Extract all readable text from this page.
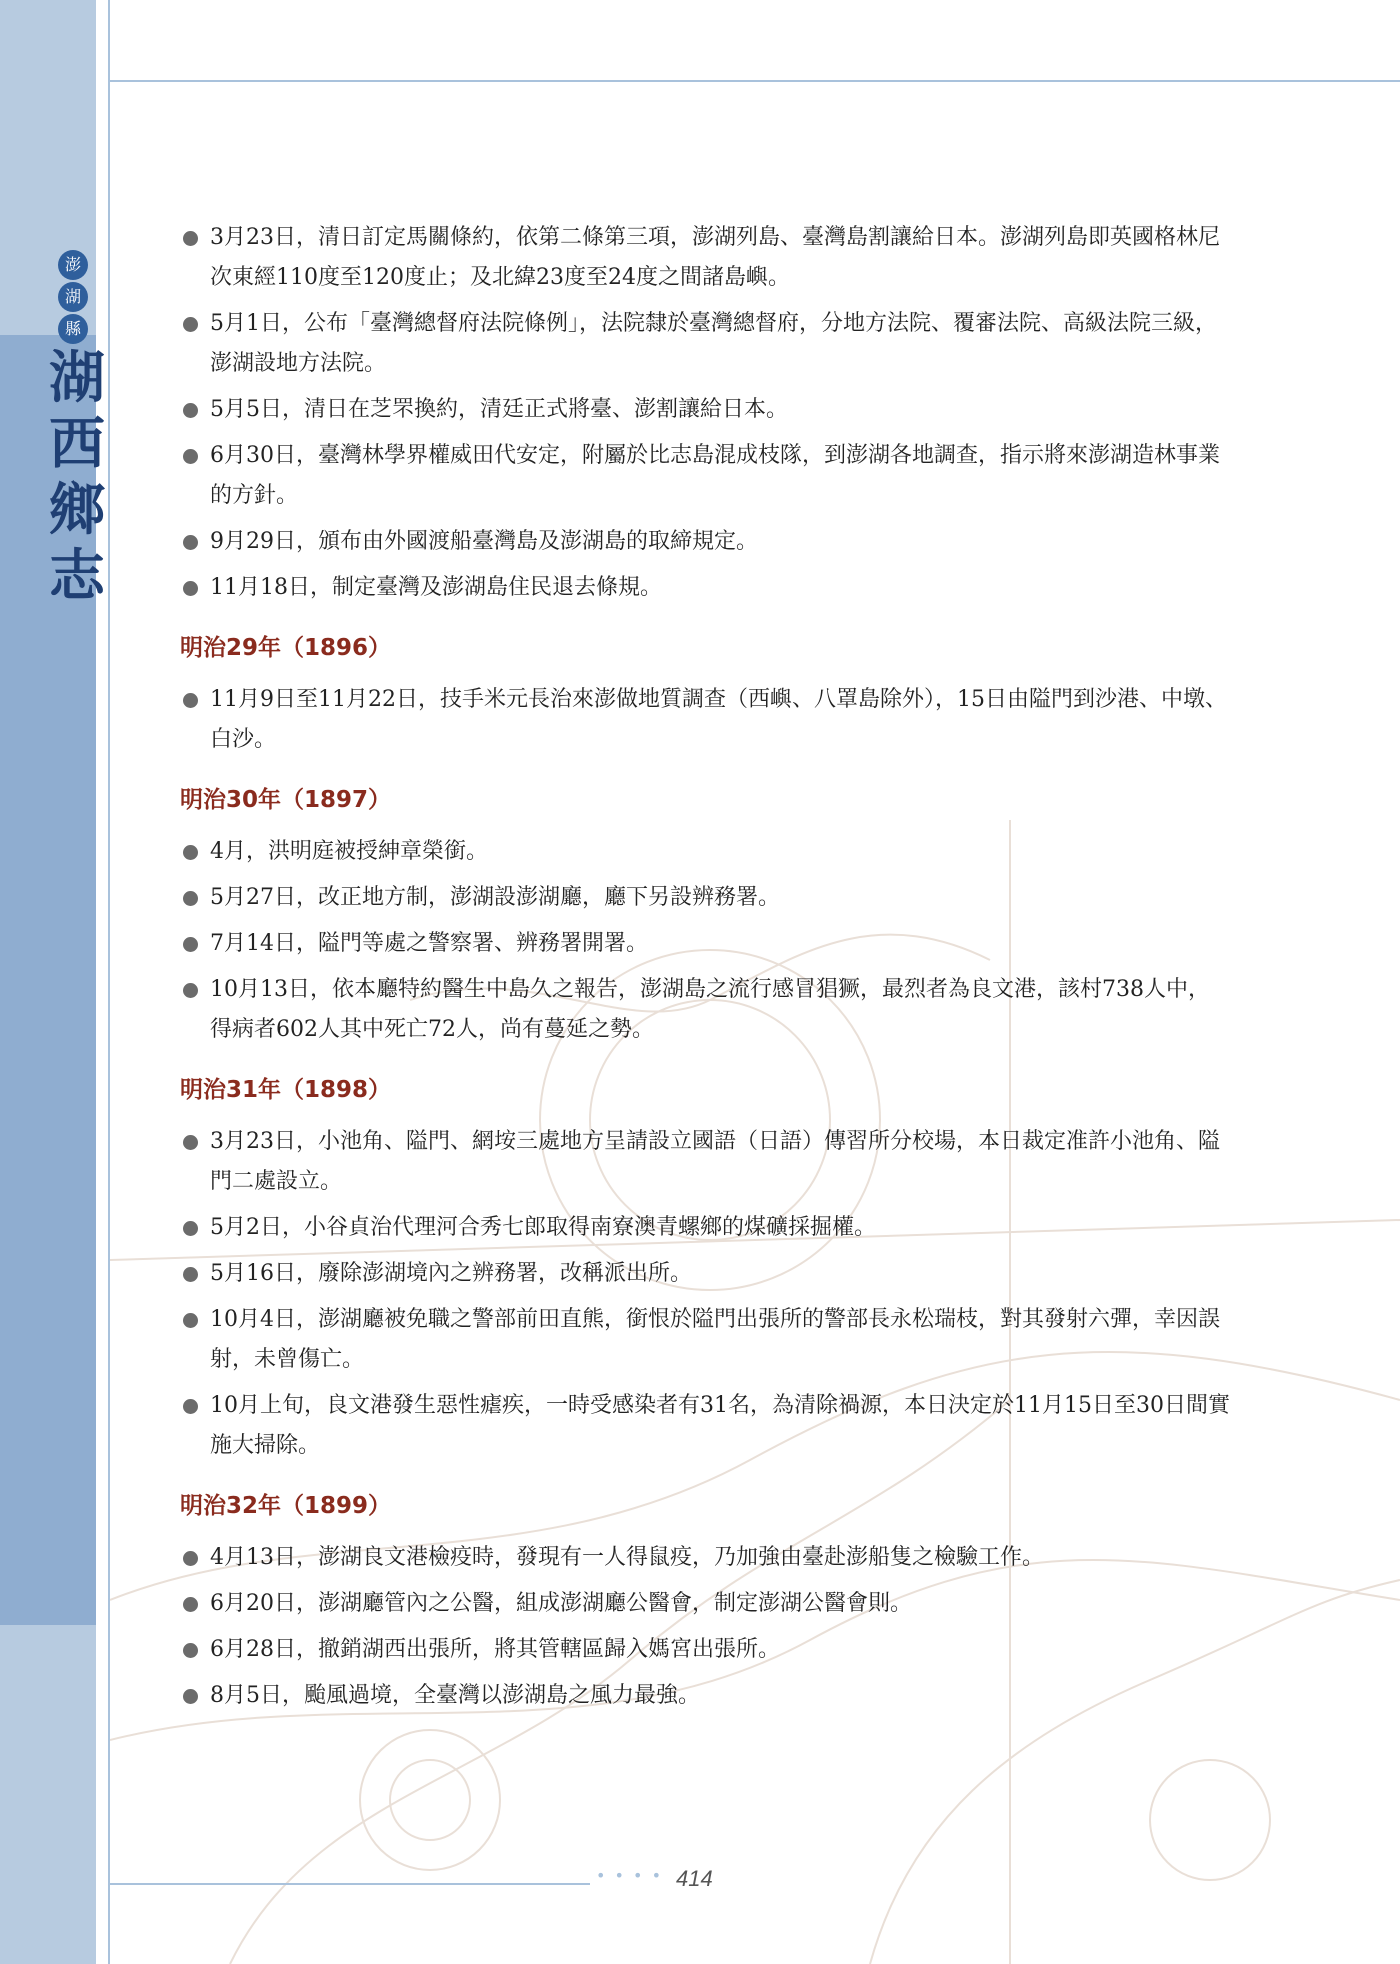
澎
湖
縣
湖
西
鄉
志
3月23日，清日訂定馬關條約，依第二條第三項，澎湖列島、臺灣島割讓給日本。澎湖列島即英國格林尼次東經110度至120度止；及北緯23度至24度之間諸島嶼。
5月1日，公布「臺灣總督府法院條例」，法院隸於臺灣總督府，分地方法院、覆審法院、高級法院三級，澎湖設地方法院。
5月5日，清日在芝罘換約，清廷正式將臺、澎割讓給日本。
6月30日，臺灣林學界權威田代安定，附屬於比志島混成枝隊，到澎湖各地調查，指示將來澎湖造林事業的方針。
9月29日，頒布由外國渡船臺灣島及澎湖島的取締規定。
11月18日，制定臺灣及澎湖島住民退去條規。
明治29年（1896）
11月9日至11月22日，技手米元長治來澎做地質調查（西嶼、八罩島除外），15日由隘門到沙港、中墩、白沙。
明治30年（1897）
4月，洪明庭被授紳章榮銜。
5月27日，改正地方制，澎湖設澎湖廳，廳下另設辨務署。
7月14日，隘門等處之警察署、辨務署開署。
10月13日，依本廳特約醫生中島久之報告，澎湖島之流行感冒猖獗，最烈者為良文港，該村738人中，得病者602人其中死亡72人，尚有蔓延之勢。
明治31年（1898）
3月23日，小池角、隘門、網垵三處地方呈請設立國語（日語）傳習所分校場，本日裁定准許小池角、隘門二處設立。
5月2日，小谷貞治代理河合秀七郎取得南寮澳青螺鄉的煤礦採掘權。
5月16日，廢除澎湖境內之辨務署，改稱派出所。
10月4日，澎湖廳被免職之警部前田直熊，銜恨於隘門出張所的警部長永松瑞枝，對其發射六彈，幸因誤射，未曾傷亡。
10月上旬，良文港發生惡性瘧疾，一時受感染者有31名，為清除禍源，本日決定於11月15日至30日間實施大掃除。
明治32年（1899）
4月13日，澎湖良文港檢疫時，發現有一人得鼠疫，乃加強由臺赴澎船隻之檢驗工作。
6月20日，澎湖廳管內之公醫，組成澎湖廳公醫會，制定澎湖公醫會則。
6月28日，撤銷湖西出張所，將其管轄區歸入媽宮出張所。
8月5日，颱風過境，全臺灣以澎湖島之風力最強。
• • • • 414
